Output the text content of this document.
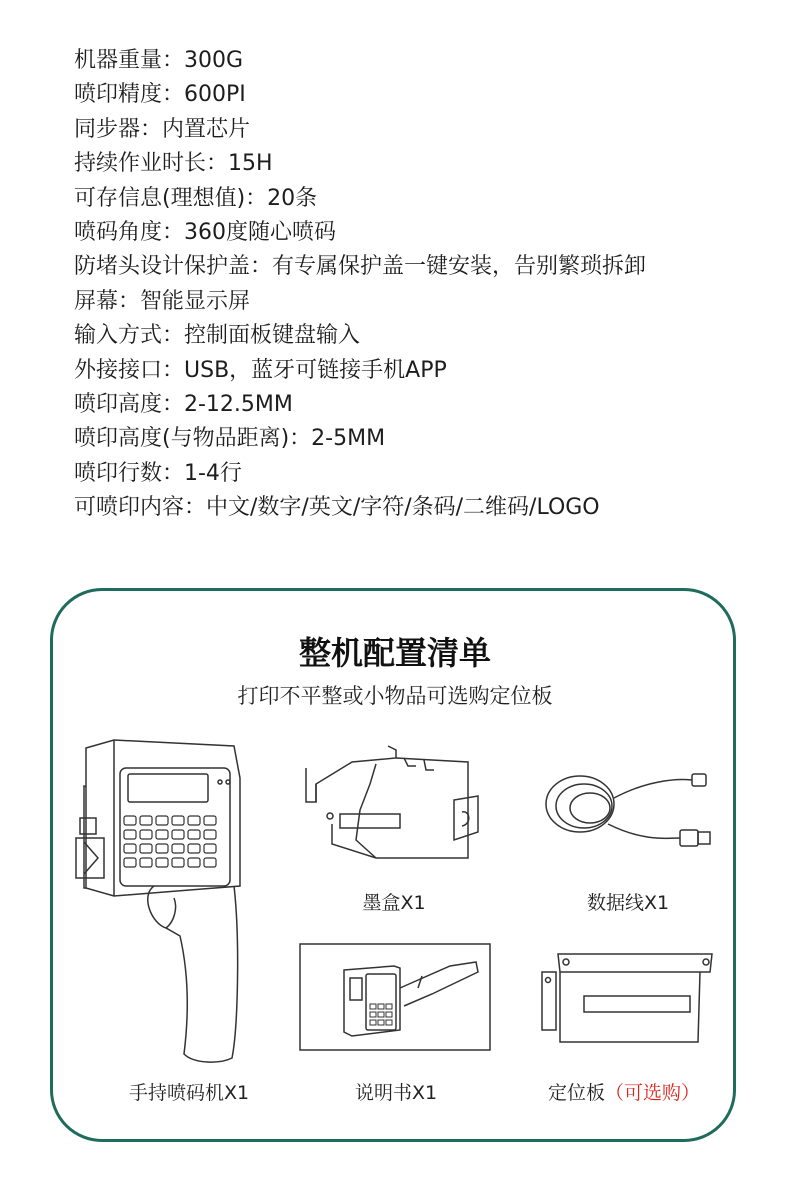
机器重量：300G
喷印精度：600PI
同步器：内置芯片
持续作业时长：15H
可存信息(理想值)：20条
喷码角度：360度随心喷码
防堵头设计保护盖：有专属保护盖一键安装，告别繁琐拆卸
屏幕：智能显示屏
输入方式：控制面板键盘输入
外接接口：USB，蓝牙可链接手机APP
喷印高度：2-12.5MM
喷印高度(与物品距离)：2-5MM
喷印行数：1-4行
可喷印内容：中文/数字/英文/字符/条码/二维码/LOGO
整机配置清单
打印不平整或小物品可选购定位板
墨盒X1	数据线X1
说明书X1	定位板（可选购）
手持喷码机X1
